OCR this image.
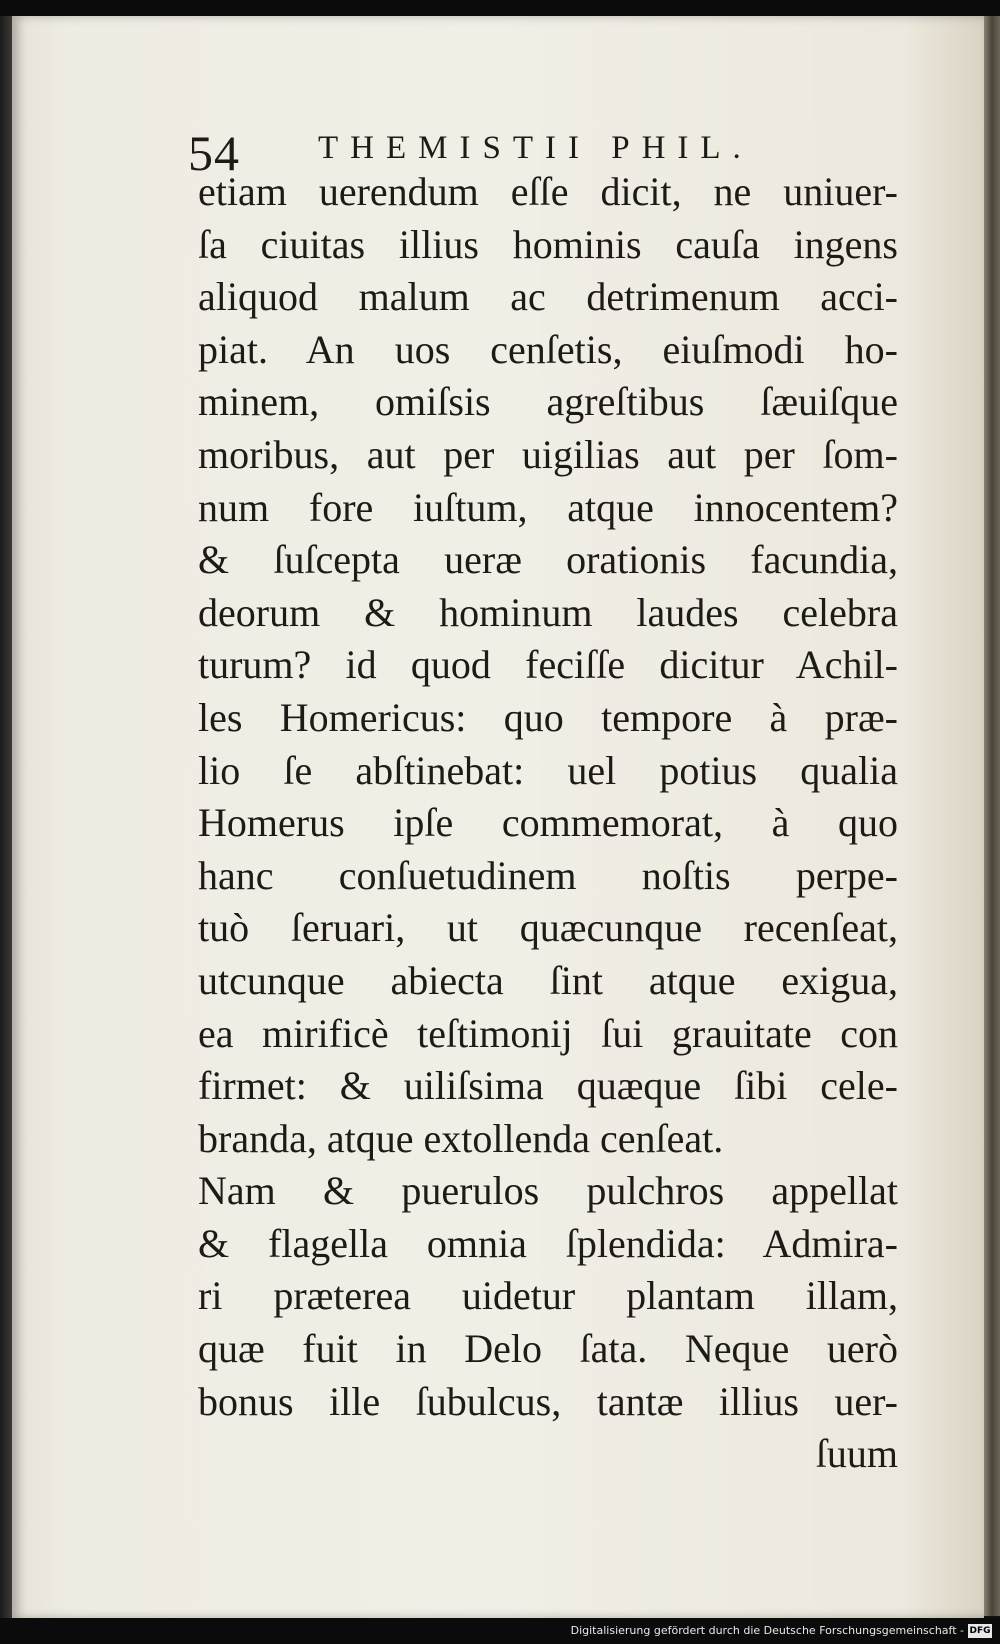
54 THEMISTII PHIL.
etiam uerendum eſſe dicit, ne uniuer-
ſa ciuitas illius hominis cauſa ingens
aliquod malum ac detrimenum acci-
piat. An uos cenſetis, eiuſmodi ho-
minem, omiſsis agreſtibus ſæuiſque
moribus, aut per uigilias aut per ſom-
num fore iuſtum, atque innocentem?
& ſuſcepta ueræ orationis facundia,
deorum & hominum laudes celebra
turum? id quod feciſſe dicitur Achil-
les Homericus: quo tempore à præ-
lio ſe abſtinebat: uel potius qualia
Homerus ipſe commemorat, à quo
hanc conſuetudinem noſtis perpe-
tuò ſeruari, ut quæcunque recenſeat,
utcunque abiecta ſint atque exigua,
ea mirificè teſtimonij ſui grauitate con
firmet: & uiliſsima quæque ſibi cele-
branda, atque extollenda cenſeat.
Nam & puerulos pulchros appellat
& flagella omnia ſplendida: Admira-
ri præterea uidetur plantam illam,
quæ fuit in Delo ſata. Neque uerò
bonus ille ſubulcus, tantæ illius uer-
ſuum
Digitalisierung gefördert durch die Deutsche Forschungsgemeinschaft - DFG
